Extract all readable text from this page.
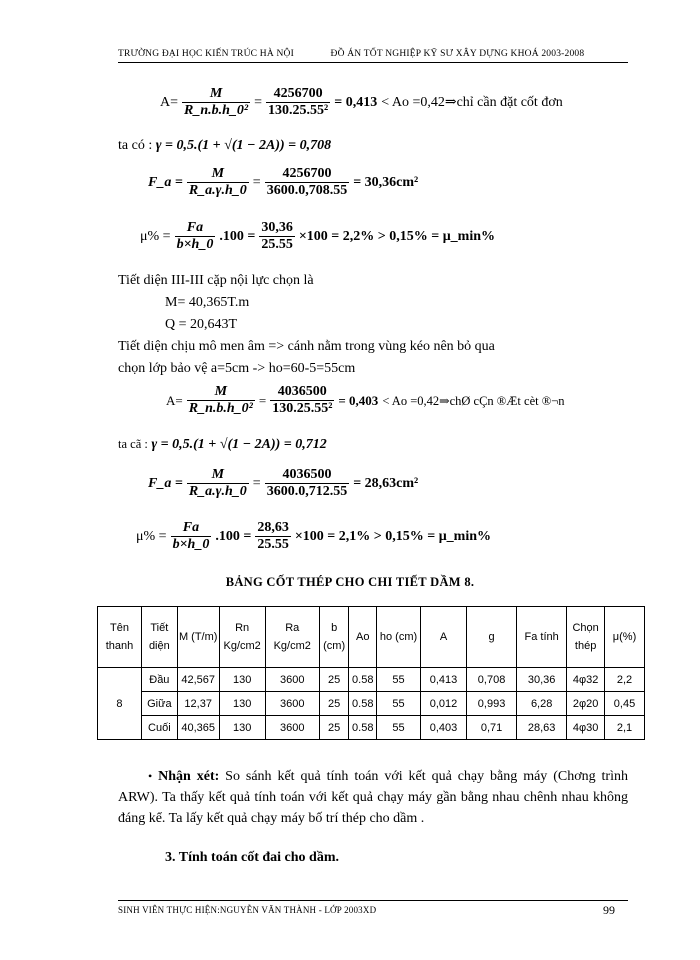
TRƯỜNG ĐẠI HỌC KIẾN TRÚC HÀ NỘI	ĐỒ ÁN TỐT NGHIỆP KỸ SƯ XÂY DỰNG KHOÁ 2003-2008
$A= \frac{M}{\text{R\_n.b.h\_0²}} = \frac{4256700}{\text{130.25.55²}} = 0,413 < Ao$ =0,42⇒chỉ cần đặt cốt đơn
ta có : γ = 0,5.(1 + √(1 − 2A)) = 0,708
F_a = $\frac{M}{R\_a.\gamma.h\_0} = \frac{4256700}{3600.0,708.55} = 30,36cm^2$
$\mu\% = \frac{Fa}{b\times h\_0} .100 = \frac{30,36}{25.55} \times 100 = 2,2\% > 0,15\%$ = μ_min%
Tiết diện III-III cặp nội lực chọn là
M= 40,365T.m
Q = 20,643T
Tiết diện chịu mô men âm => cánh nằm trong vùng kéo nên bỏ qua
chọn lớp bảo vệ a=5cm -> ho=60-5=55cm
$A= \frac{M}{\text{R\_n.b.h\_0²}} = \frac{4036500}{\text{130.25.55²}} = 0,403 < Ao$ =0,42⇒chØ cÇn ®Æt cèt ®¬n
ta cã : γ = 0,5.(1 + √(1 − 2A)) = 0,712
F_a = $\frac{M}{R\_a.\gamma.h\_0} = \frac{4036500}{3600.0,712.55} = 28,63cm^2$
$\mu\% = \frac{Fa}{b\times h\_0} .100 = \frac{28,63}{25.55} \times 100 = 2,1\% > 0,15\%$ = μ_min%
BẢNG CỐT THÉP CHO CHI TIẾT DẦM 8.
Tên thanh	Tiết diện	M (T/m)	Rn Kg/cm2	Ra Kg/cm2	b (cm)	Ao	ho (cm)	A	g	Fa tính	Chọn thép	μ(%)
8	Đầu	42,567	130	3600	25	0.58	55	0,413	0,708	30,36	4φ32	2,2
	Giữa	12,37	130	3600	25	0.58	55	0,012	0,993	6,28	2φ20	0,45
	Cuối	40,365	130	3600	25	0.58	55	0,403	0,71	28,63	4φ30	2,1
• Nhận xét: So sánh kết quả tính toán với kết quả chạy bằng máy (Chơng trình ARW). Ta thấy kết quả tính toán với kết quả chạy máy gần bằng nhau chênh nhau không đáng kể. Ta lấy kết quả chạy máy bố trí thép cho dầm .
3. Tính toán cốt đai cho dầm.
SINH VIÊN THỰC HIỆN:NGUYỄN VĂN THÀNH - LỚP 2003XD	99
